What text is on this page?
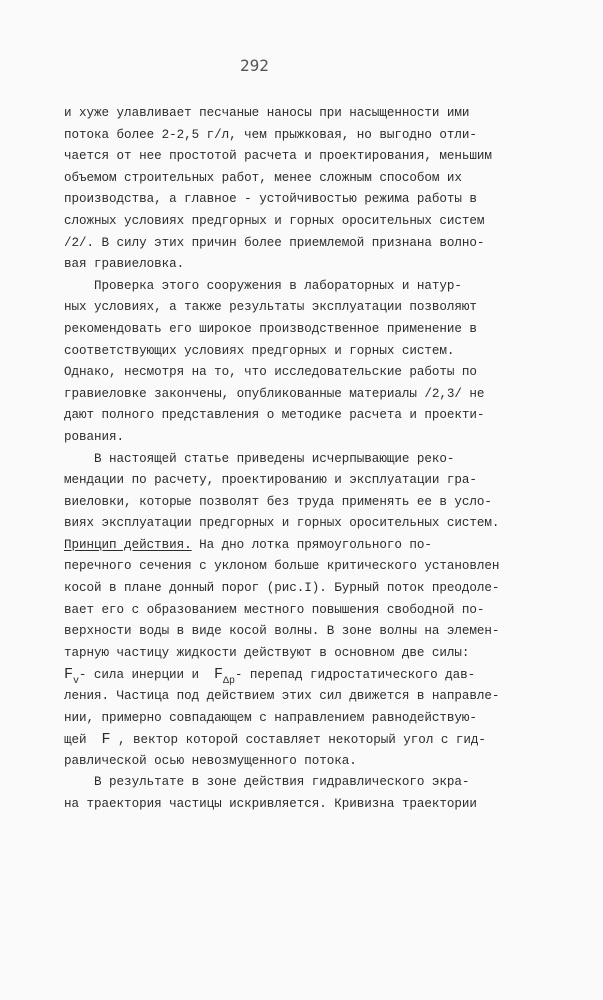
292
и хуже улавливает песчаные наносы при насыщенности ими
потока более 2-2,5 г/л, чем прыжковая, но выгодно отли-
чается от нее простотой расчета и проектирования, меньшим
объемом строительных работ, менее сложным способом их
производства, а главное - устойчивостью режима работы в
сложных условиях предгорных и горных оросительных систем
/2/. В силу этих причин более приемлемой признана волно-
вая гравиеловка.
Проверка этого сооружения в лабораторных и натур-
ных условиях, а также результаты эксплуатации позволяют
рекомендовать его широкое производственное применение в
соответствующих условиях предгорных и горных систем.
Однако, несмотря на то, что исследовательские работы по
гравиеловке закончены, опубликованные материалы /2,3/ не
дают полного представления о методике расчета и проекти-
рования.
В настоящей статье приведены исчерпывающие реко-
мендации по расчету, проектированию и эксплуатации гра-
виеловки, которые позволят без труда применять ее в усло-
виях эксплуатации предгорных и горных оросительных систем.
Принцип действия. На дно лотка прямоугольного по-
перечного сечения с уклоном больше критического установлен
косой в плане донный порог (рис.I). Бурный поток преодоле-
вает его с образованием местного повышения свободной по-
верхности воды в виде косой волны. В зоне волны на элемен-
тарную частицу жидкости действуют в основном две силы:
$F_v-$ сила инерции и  $F_{\Delta p}-$ перепад гидростатического дав-
ления. Частица под действием этих сил движется в направле-
нии, примерно совпадающем с направлением равнодействую-
щей  F , вектор которой составляет некоторый угол с гид-
равлической осью невозмущенного потока.
В результате в зоне действия гидравлического экра-
на траектория частицы искривляется. Кривизна траектории
